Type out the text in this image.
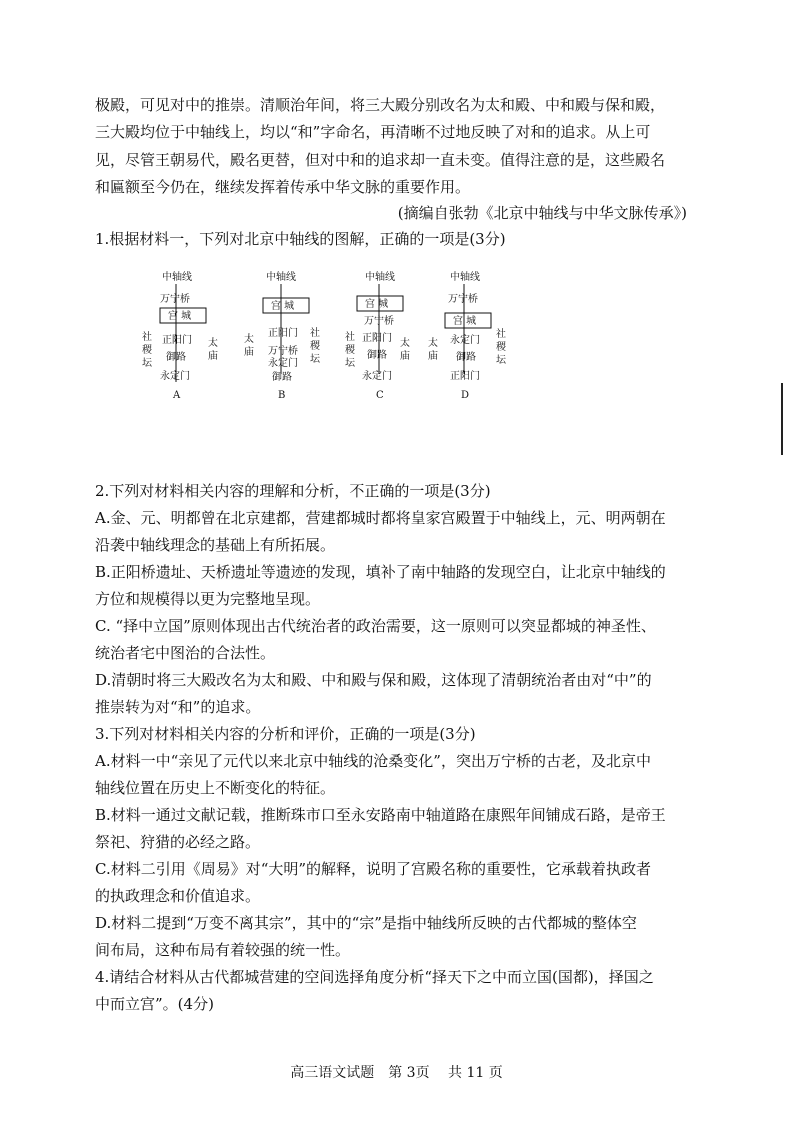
极殿，可见对中的推崇。清顺治年间，将三大殿分别改名为太和殿、中和殿与保和殿，
三大殿均位于中轴线上，均以“和”字命名，再清晰不过地反映了对和的追求。从上可
见，尽管王朝易代，殿名更替，但对中和的追求却一直未变。值得注意的是，这些殿名
和匾额至今仍在，继续发挥着传承中华文脉的重要作用。
(摘编自张勃《北京中轴线与中华文脉传承》)
1.根据材料一，下列对北京中轴线的图解，正确的一项是(3分)
中轴线
万宁桥
宫 城
社
稷
坛
太
庙
正阳门
御路
永定门
A
中轴线
宫 城
太
庙
社
稷
坛
正阳门
万宁桥
永定门
御路
B
中轴线
宫 城
社
稷
坛
太
庙
万宁桥
正阳门
御路
永定门
C
中轴线
万宁桥
宫 城
太
庙
社
稷
坛
永定门
御路
正阳门
D
2.下列对材料相关内容的理解和分析，不正确的一项是(3分)
A.金、元、明都曾在北京建都，营建都城时都将皇家宫殿置于中轴线上，元、明两朝在
沿袭中轴线理念的基础上有所拓展。
B.正阳桥遗址、天桥遗址等遗迹的发现，填补了南中轴路的发现空白，让北京中轴线的
方位和规模得以更为完整地呈现。
C. “择中立国”原则体现出古代统治者的政治需要，这一原则可以突显都城的神圣性、
统治者宅中图治的合法性。
D.清朝时将三大殿改名为太和殿、中和殿与保和殿，这体现了清朝统治者由对“中”的
推崇转为对“和”的追求。
3.下列对材料相关内容的分析和评价，正确的一项是(3分)
A.材料一中“亲见了元代以来北京中轴线的沧桑变化”，突出万宁桥的古老，及北京中
轴线位置在历史上不断变化的特征。
B.材料一通过文献记载，推断珠市口至永安路南中轴道路在康熙年间铺成石路，是帝王
祭祀、狩猎的必经之路。
C.材料二引用《周易》对“大明”的解释，说明了宫殿名称的重要性，它承载着执政者
的执政理念和价值追求。
D.材料二提到“万变不离其宗”，其中的“宗”是指中轴线所反映的古代都城的整体空
间布局，这种布局有着较强的统一性。
4.请结合材料从古代都城营建的空间选择角度分析“择天下之中而立国(国都)，择国之
中而立宫”。(4分)
高三语文试题　第 3页　 共 11 页
